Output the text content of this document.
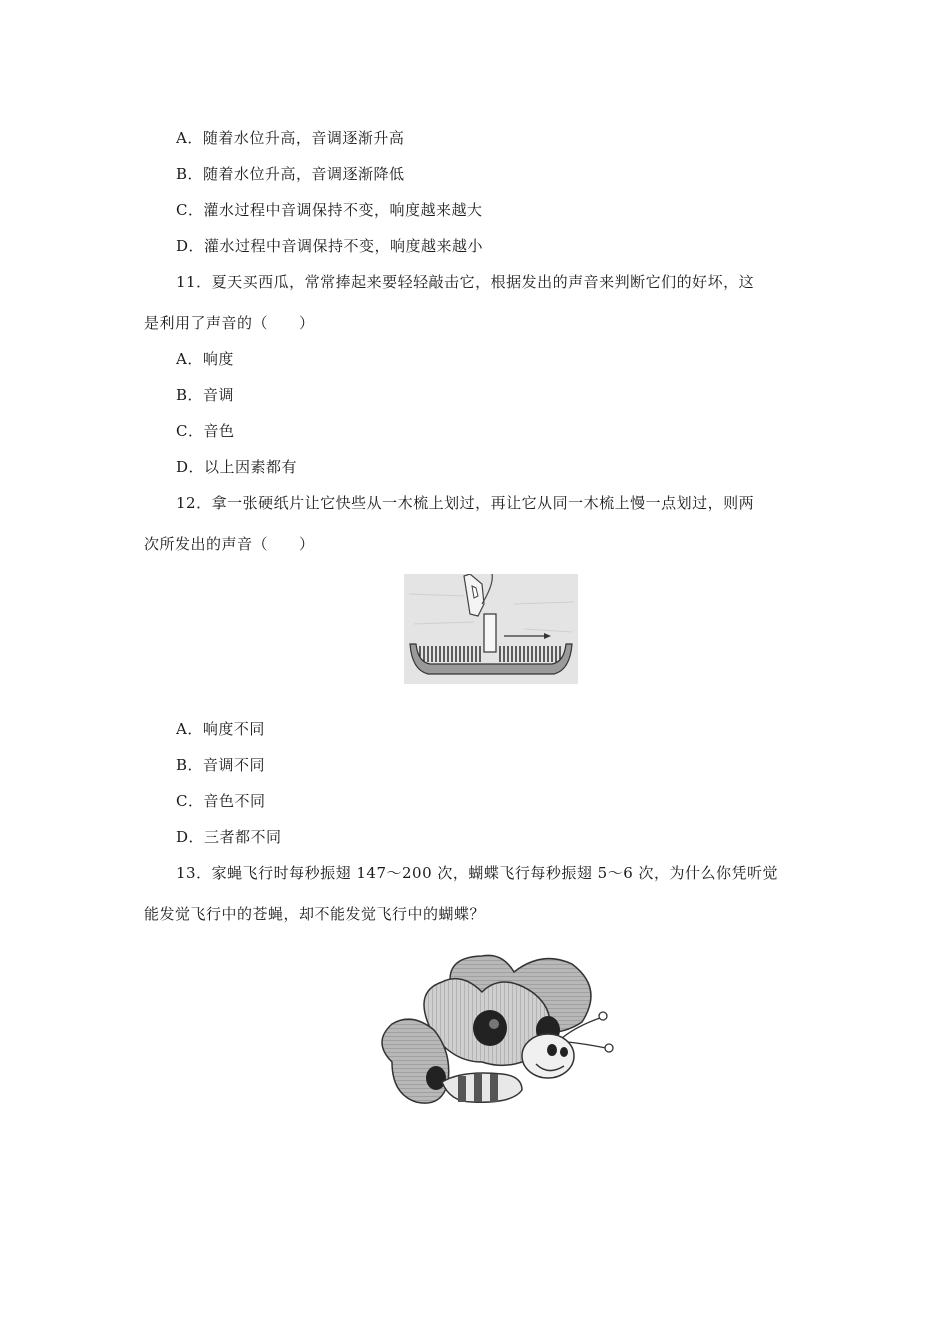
A．随着水位升高，音调逐渐升高
B．随着水位升高，音调逐渐降低
C．灌水过程中音调保持不变，响度越来越大
D．灌水过程中音调保持不变，响度越来越小
11．夏天买西瓜，常常捧起来要轻轻敲击它，根据发出的声音来判断它们的好坏，这
是利用了声音的（　　）
A．响度
B．音调
C．音色
D．以上因素都有
12．拿一张硬纸片让它快些从一木梳上划过，再让它从同一木梳上慢一点划过，则两
次所发出的声音（　　）
A．响度不同
B．音调不同
C．音色不同
D．三者都不同
13．家蝇飞行时每秒振翅 147～200 次，蝴蝶飞行每秒振翅 5～6 次，为什么你凭听觉
能发觉飞行中的苍蝇，却不能发觉飞行中的蝴蝶？
